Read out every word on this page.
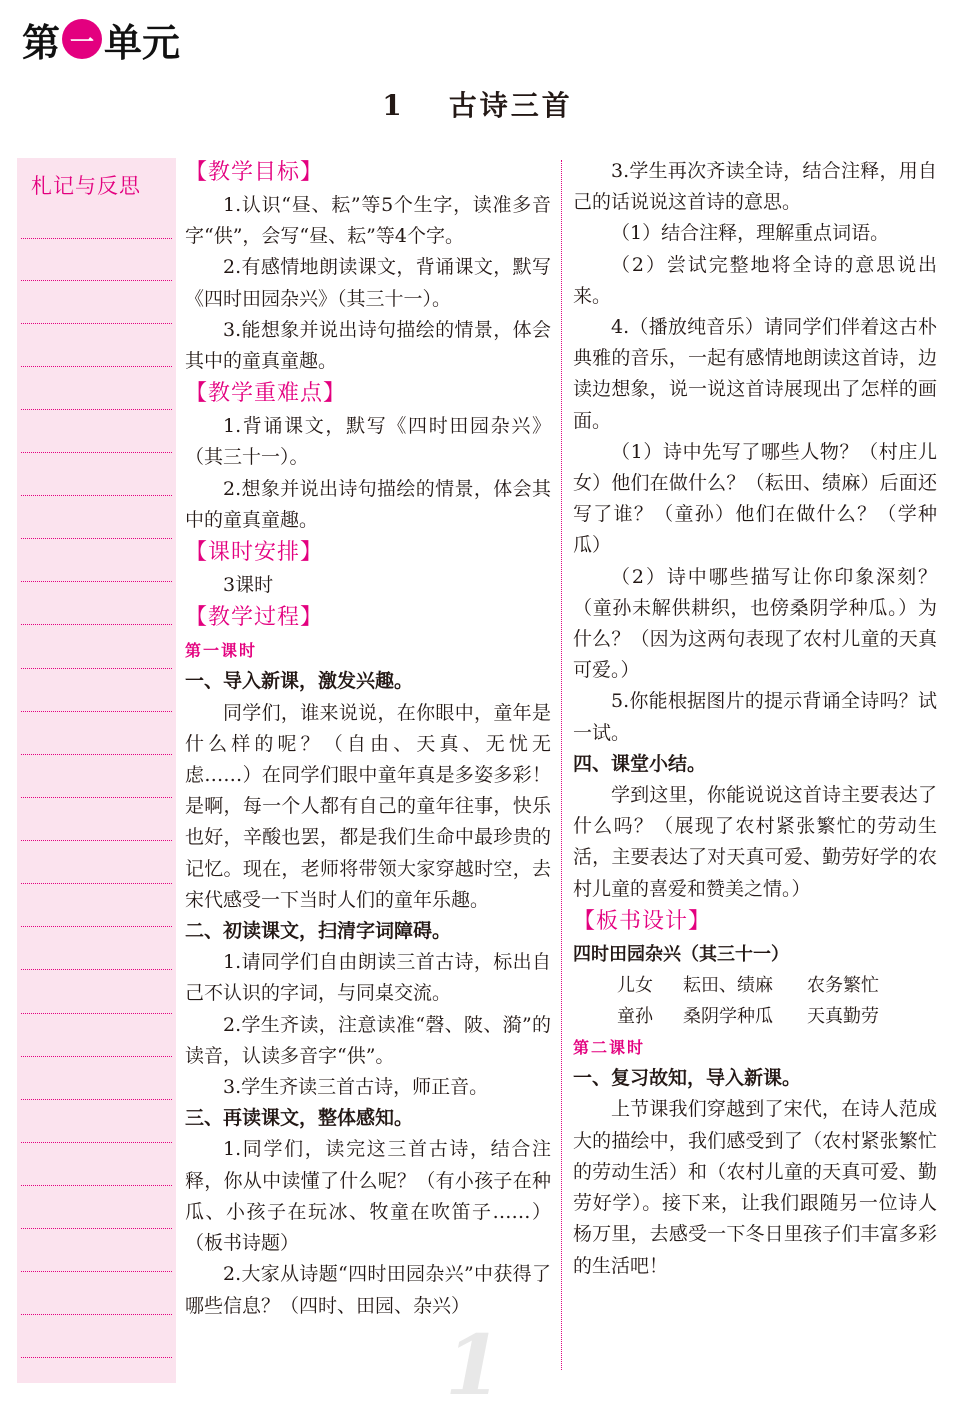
第 一 单元
1 古诗三首
札记与反思

【教学目标】

1.认识“昼、耘”等5个生字，读准多音字“供”，会写“昼、耘”等4个字。

2.有感情地朗读课文，背诵课文，默写《四时田园杂兴》（其三十一）。

3.能想象并说出诗句描绘的情景，体会其中的童真童趣。

【教学重难点】

1.背诵课文，默写《四时田园杂兴》（其三十一）。

2.想象并说出诗句描绘的情景，体会其中的童真童趣。

【课时安排】

3课时

【教学过程】

第一课时

一、导入新课，激发兴趣。

同学们，谁来说说，在你眼中，童年是什么样的呢？（自由、天真、无忧无虑……）在同学们眼中童年真是多姿多彩！是啊，每一个人都有自己的童年往事，快乐也好，辛酸也罢，都是我们生命中最珍贵的记忆。现在，老师将带领大家穿越时空，去宋代感受一下当时人们的童年乐趣。

二、初读课文，扫清字词障碍。

1.请同学们自由朗读三首古诗，标出自己不认识的字词，与同桌交流。

2.学生齐读，注意读准“磬、陂、漪”的读音，认读多音字“供”。

3.学生齐读三首古诗，师正音。

三、再读课文，整体感知。

1.同学们，读完这三首古诗，结合注释，你从中读懂了什么呢？（有小孩子在种瓜、小孩子在玩冰、牧童在吹笛子……）（板书诗题）

2.大家从诗题“四时田园杂兴”中获得了哪些信息？（四时、田园、杂兴）

3.学生再次齐读全诗，结合注释，用自己的话说说这首诗的意思。

（1）结合注释，理解重点词语。

（2）尝试完整地将全诗的意思说出来。

4.（播放纯音乐）请同学们伴着这古朴典雅的音乐，一起有感情地朗读这首诗，边读边想象，说一说这首诗展现出了怎样的画面。

（1）诗中先写了哪些人物？（村庄儿女）他们在做什么？（耘田、绩麻）后面还写了谁？（童孙）他们在做什么？（学种瓜）

（2）诗中哪些描写让你印象深刻？（童孙未解供耕织，也傍桑阴学种瓜。）为什么？（因为这两句表现了农村儿童的天真可爱。）

5.你能根据图片的提示背诵全诗吗？试一试。

四、课堂小结。

学到这里，你能说说这首诗主要表达了什么吗？（展现了农村紧张繁忙的劳动生活，主要表达了对天真可爱、勤劳好学的农村儿童的喜爱和赞美之情。）

【板书设计】

四时田园杂兴（其三十一）

儿女 耘田、绩麻 农务繁忙
童孙 桑阴学种瓜 天真勤劳

第二课时

一、复习故知，导入新课。

上节课我们穿越到了宋代，在诗人范成大的描绘中，我们感受到了（农村紧张繁忙的劳动生活）和（农村儿童的天真可爱、勤劳好学）。接下来，让我们跟随另一位诗人杨万里，去感受一下冬日里孩子们丰富多彩的生活吧！

1
